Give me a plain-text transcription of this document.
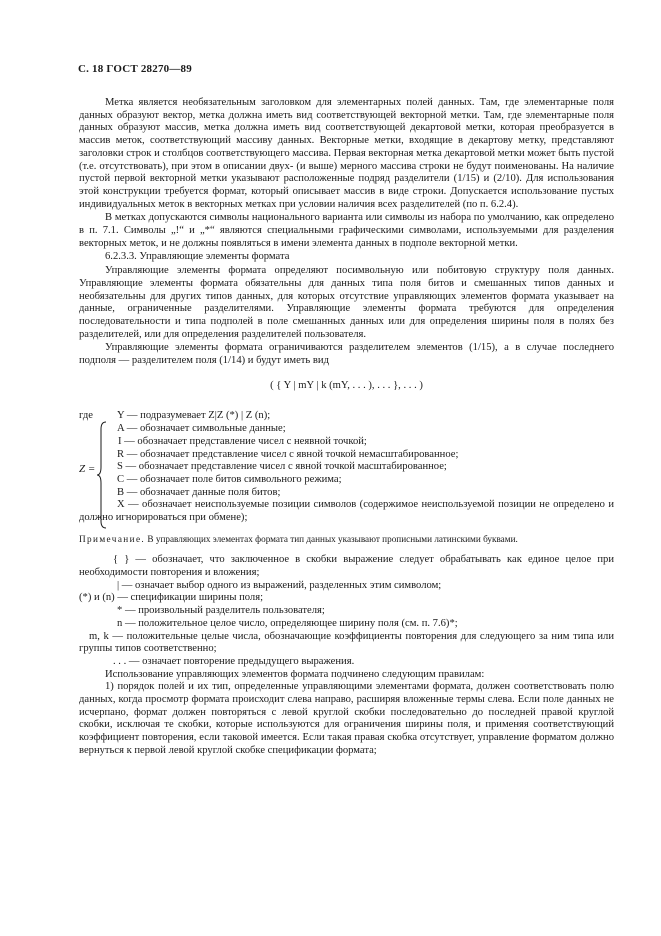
С. 18 ГОСТ 28270—89

Метка является необязательным заголовком для элементарных полей данных. Там, где элементарные поля данных образуют вектор, метка должна иметь вид соответствующей векторной метки. Там, где элементарные поля данных образуют массив, метка должна иметь вид соответствующей декартовой метки, которая преобразуется в массив меток, соответствующий массиву данных. Векторные метки, входящие в декартову метку, представляют заголовки строк и столбцов соответствующего массива. Первая векторная метка декартовой метки может быть пустой (т.е. отсутствовать), при этом в описании двух- (и выше) мерного массива строки не будут поименованы. На наличие пустой первой векторной метки указывают расположенные подряд разделители (1/15) и (2/10). Для использования этой конструкции требуется формат, который описывает массив в виде строки. Допускается использование пустых индивидуальных меток в векторных метках при условии наличия всех разделителей (по п. 6.2.4).

В метках допускаются символы национального варианта или символы из набора по умолчанию, как определено в п. 7.1. Символы „!“ и „*“ являются специальными графическими символами, используемыми для разделения векторных меток, и не должны появляться в имени элемента данных в подполе векторной метки.

6.2.3.3. Управляющие элементы формата

Управляющие элементы формата определяют посимвольную или побитовую структуру поля данных. Управляющие элементы формата обязательны для данных типа поля битов и смешанных типов данных и необязательны для других типов данных, для которых отсутствие управляющих элементов формата указывает на данные, ограниченные разделителями. Управляющие элементы формата требуются для определения последовательности и типа подполей в поле смешанных данных или для определения ширины поля в полях без разделителей, или для определения разделителей пользователя.

Управляющие элементы формата ограничиваются разделителем элементов (1/15), а в случае последнего подполя — разделителем поля (1/14) и будут иметь вид

( { Y | mY | k (mY, . . . ), . . . }, . . . )

где
Z =

Y — подразумевает Z|Z (*) | Z (n);

A — обозначает символьные данные;

I — обозначает представление чисел с неявной точкой;

R — обозначает представление чисел с явной точкой немасштабированное;

S — обозначает представление чисел с явной точкой масштабированное;

C — обозначает поле битов символьного режима;

B — обозначает данные поля битов;

X — обозначает неиспользуемые позиции символов (содержимое неиспользуемой позиции не определено и должно игнорироваться при обмене);

Примечание. В управляющих элементах формата тип данных указывают прописными латинскими буквами.

{ } — обозначает, что заключенное в скобки выражение следует обрабатывать как единое целое при необходимости повторения и вложения;

| — означает выбор одного из выражений, разделенных этим символом;

(*) и (n) — спецификации ширины поля;

* — произвольный разделитель пользователя;

n — положительное целое число, определяющее ширину поля (см. п. 7.6)*;

m, k — положительные целые числа, обозначающие коэффициенты повторения для следующего за ним типа или группы типов соответственно;

. . . — означает повторение предыдущего выражения.

Использование управляющих элементов формата подчинено следующим правилам:

1) порядок полей и их тип, определенные управляющими элементами формата, должен соответствовать полю данных, когда просмотр формата происходит слева направо, расширяя вложенные термы слева. Если поле данных не исчерпано, формат должен повторяться с левой круглой скобки последовательно до последней правой круглой скобки, исключая те скобки, которые используются для ограничения ширины поля, и применяя соответствующий коэффициент повторения, если таковой имеется. Если такая правая скобка отсутствует, управление форматом должно вернуться к первой левой круглой скобке спецификации формата;
